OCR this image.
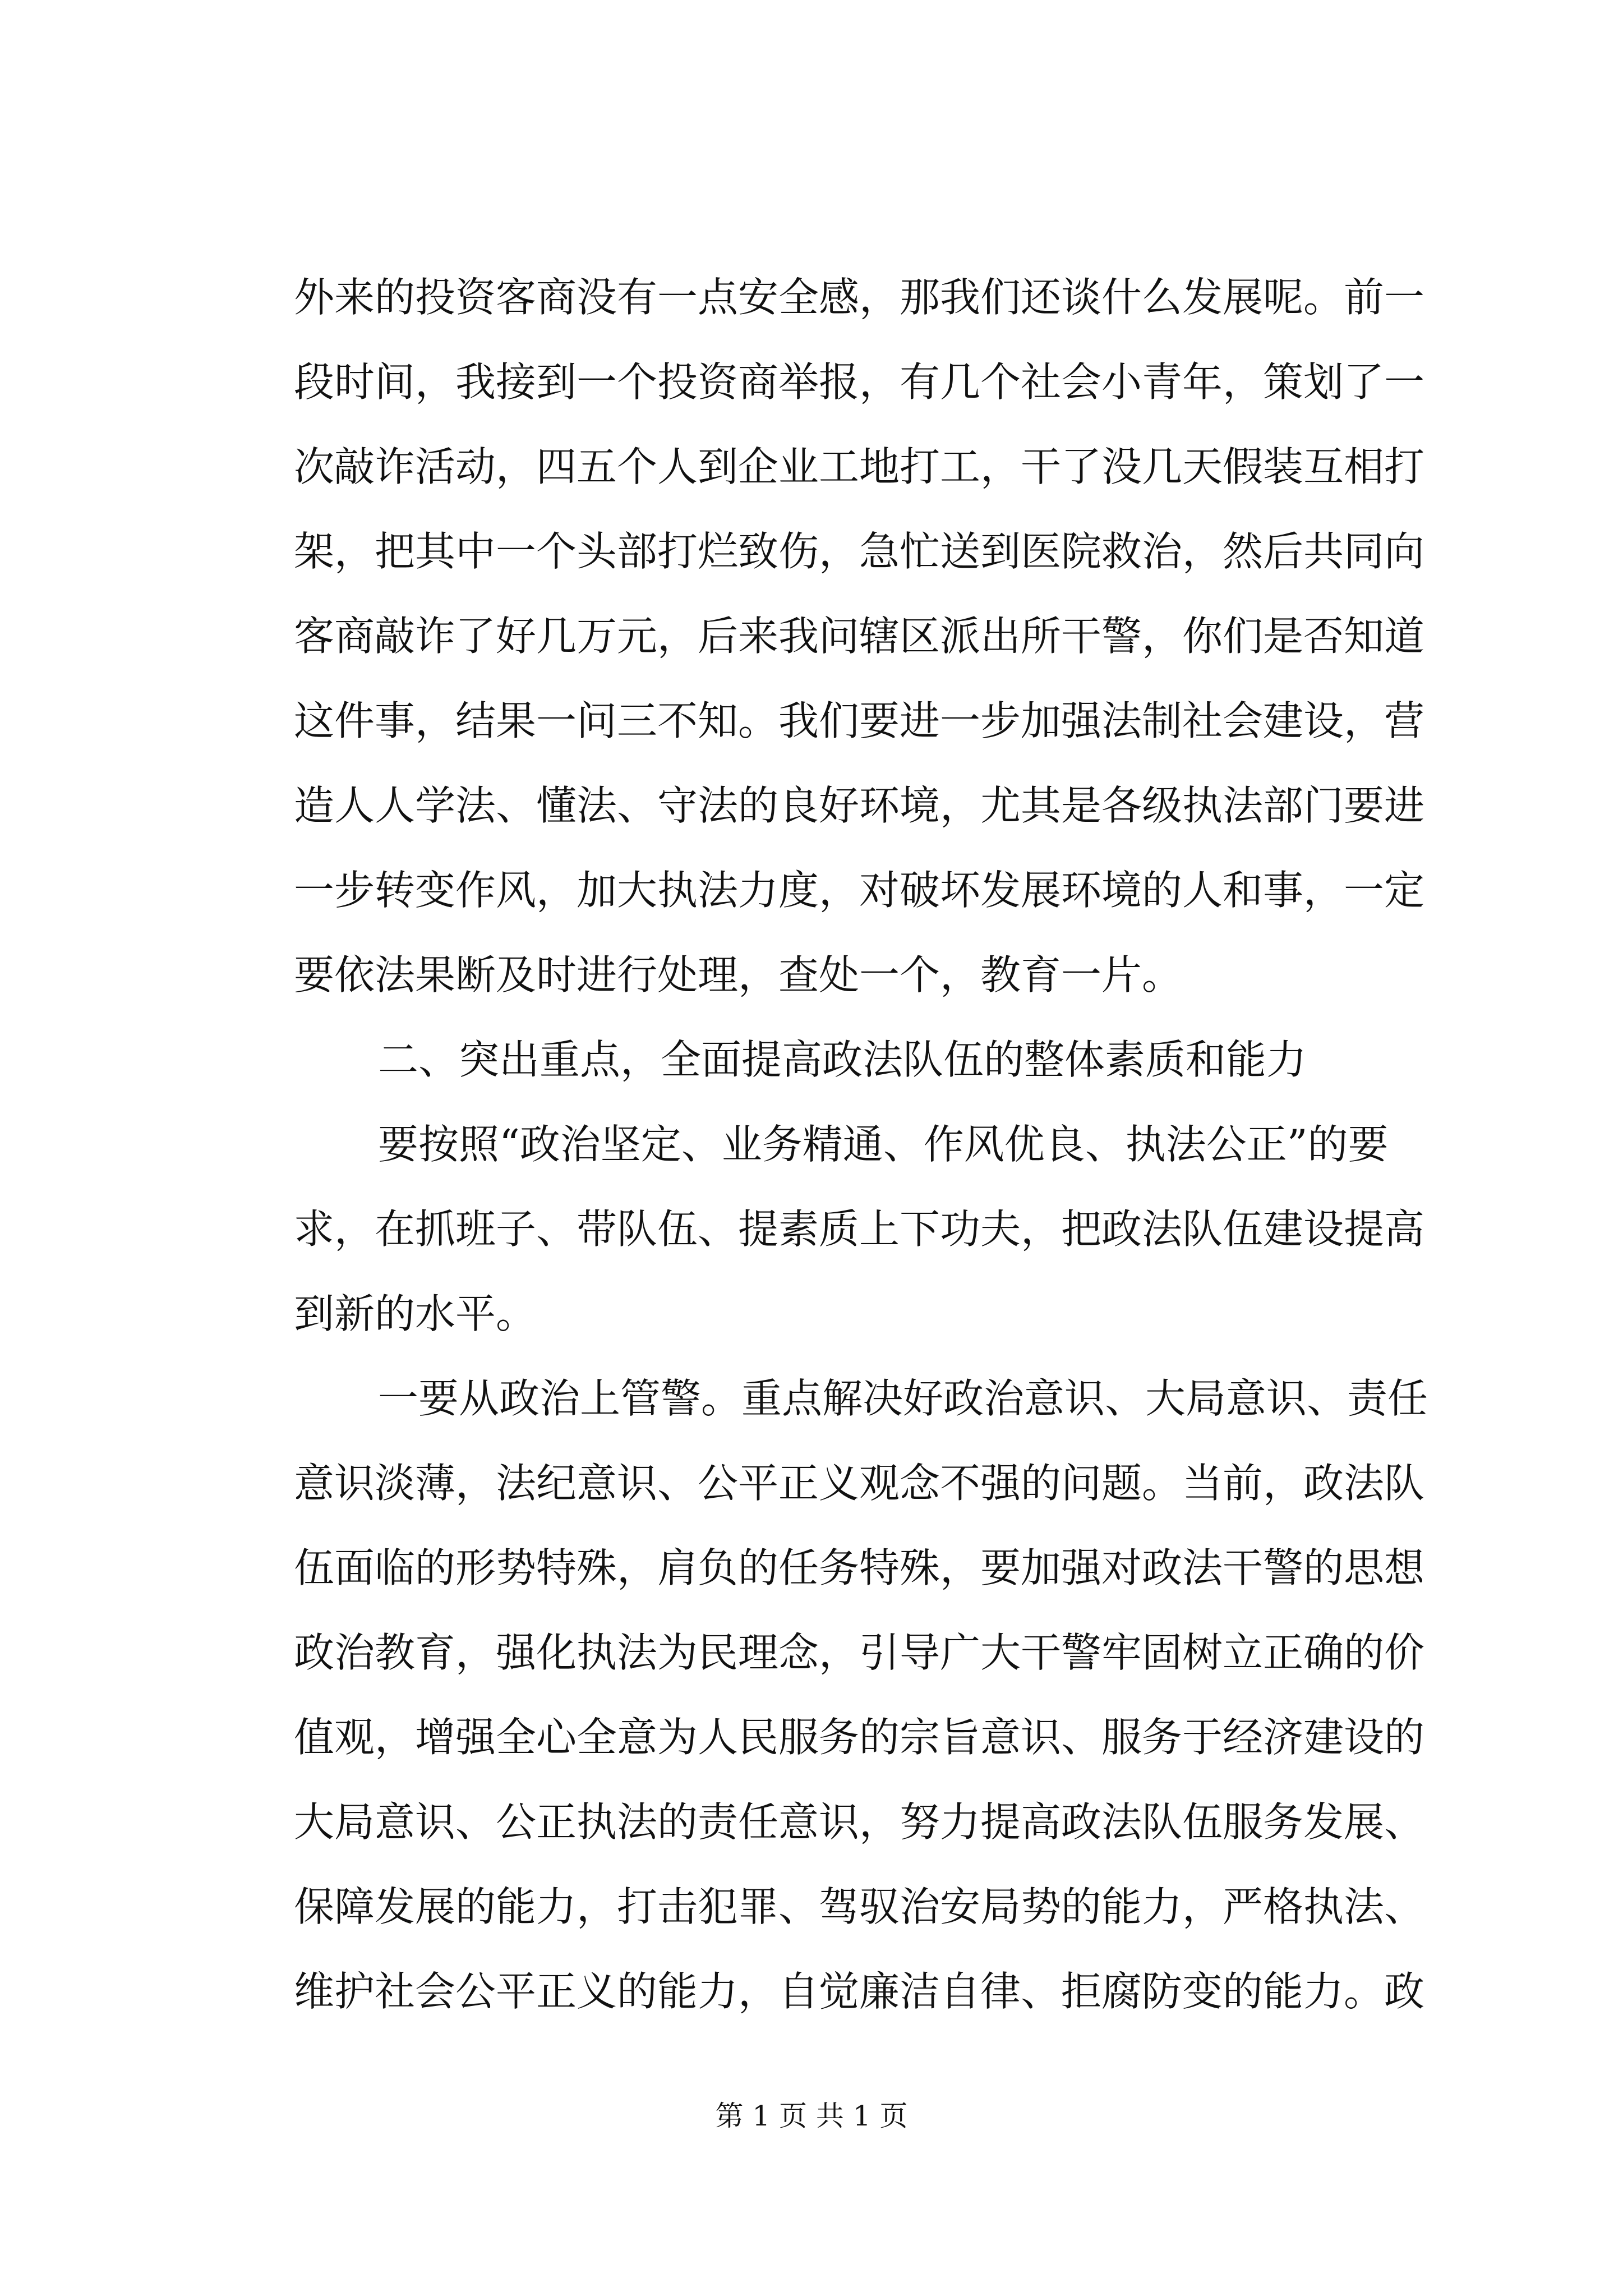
外来的投资客商没有一点安全感，那我们还谈什么发展呢。前一
段时间，我接到一个投资商举报，有几个社会小青年，策划了一
次敲诈活动，四五个人到企业工地打工，干了没几天假装互相打
架，把其中一个头部打烂致伤，急忙送到医院救治，然后共同向
客商敲诈了好几万元，后来我问辖区派出所干警，你们是否知道
这件事，结果一问三不知。我们要进一步加强法制社会建设，营
造人人学法、懂法、守法的良好环境，尤其是各级执法部门要进
一步转变作风，加大执法力度，对破坏发展环境的人和事，一定
要依法果断及时进行处理，查处一个，教育一片。
二、突出重点，全面提高政法队伍的整体素质和能力
要按照“政治坚定、业务精通、作风优良、执法公正”的要
求，在抓班子、带队伍、提素质上下功夫，把政法队伍建设提高
到新的水平。
一要从政治上管警。重点解决好政治意识、大局意识、责任
意识淡薄，法纪意识、公平正义观念不强的问题。当前，政法队
伍面临的形势特殊，肩负的任务特殊，要加强对政法干警的思想
政治教育，强化执法为民理念，引导广大干警牢固树立正确的价
值观，增强全心全意为人民服务的宗旨意识、服务于经济建设的
大局意识、公正执法的责任意识，努力提高政法队伍服务发展、
保障发展的能力，打击犯罪、驾驭治安局势的能力，严格执法、
维护社会公平正义的能力，自觉廉洁自律、拒腐防变的能力。政
第 1 页 共 1 页
